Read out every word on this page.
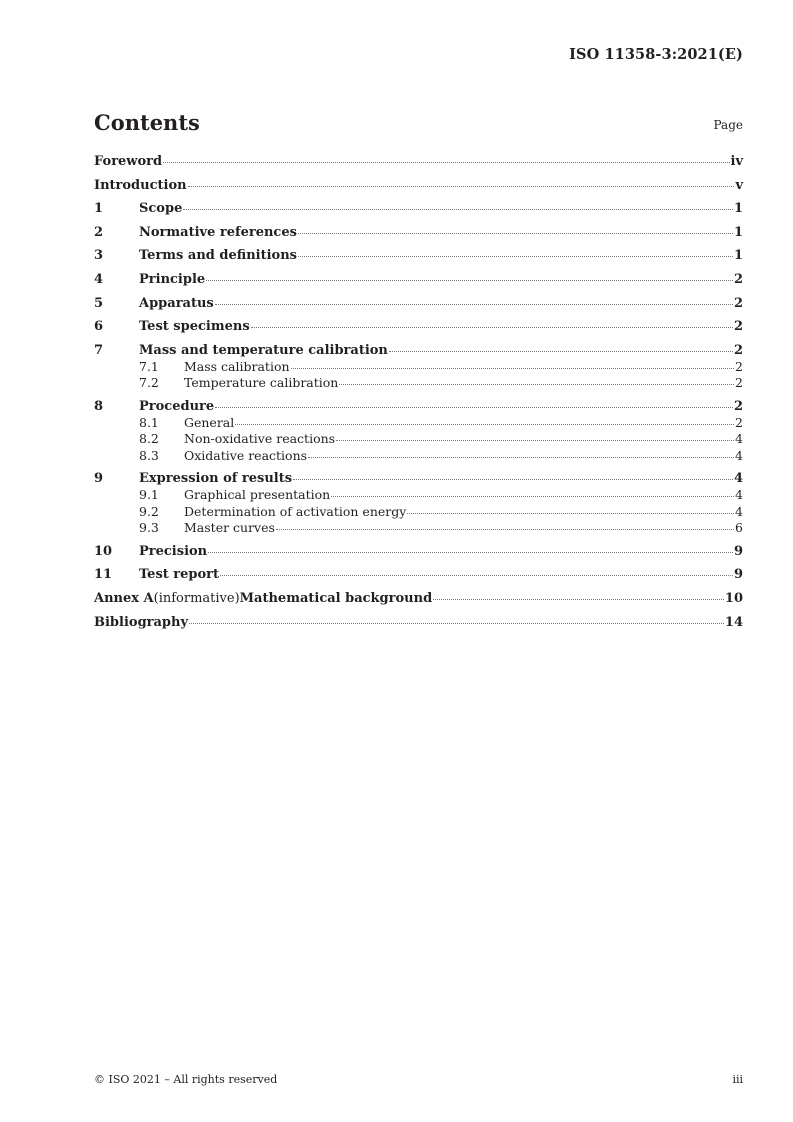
ISO 11358-3:2021(E)
Contents	Page
Foreword	iv
Introduction	v
1	Scope	1
2	Normative references	1
3	Terms and definitions	1
4	Principle	2
5	Apparatus	2
6	Test specimens	2
7	Mass and temperature calibration	2
7.1	Mass calibration	2
7.2	Temperature calibration	2
8	Procedure	2
8.1	General	2
8.2	Non-oxidative reactions	4
8.3	Oxidative reactions	4
9	Expression of results	4
9.1	Graphical presentation	4
9.2	Determination of activation energy	4
9.3	Master curves	6
10	Precision	9
11	Test report	9
Annex A (informative) Mathematical background	10
Bibliography	14
© ISO 2021 – All rights reserved	iii
